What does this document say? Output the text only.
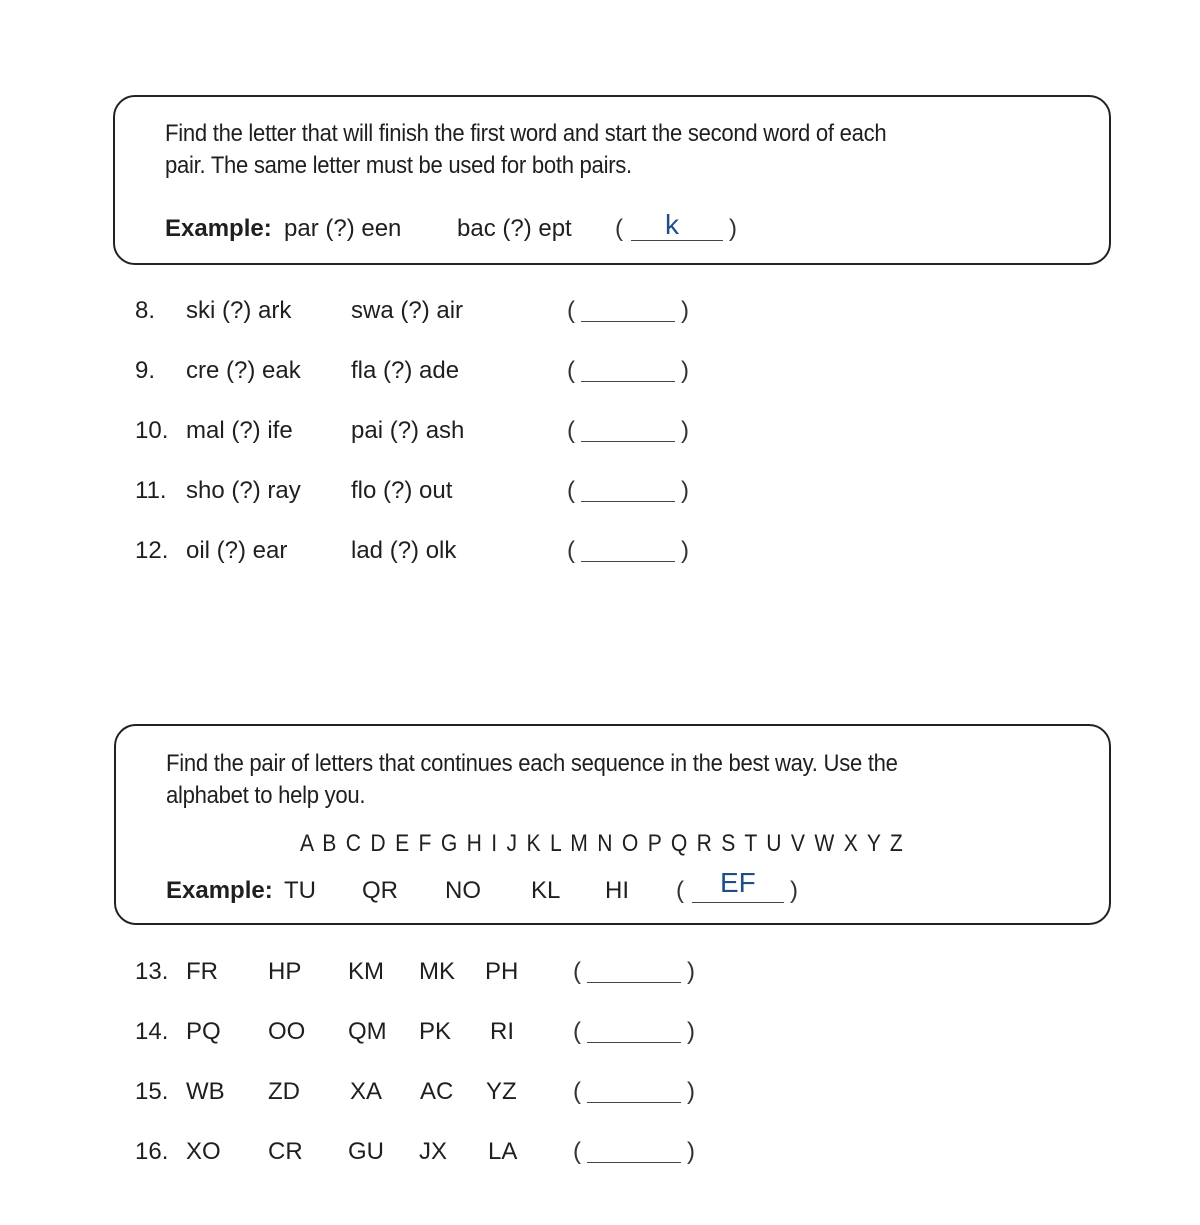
Find the letter that will finish the first word and start the second word of each
pair. The same letter must be used for both pairs.
Example: par (?) een bac (?) ept ( k )
8. ski (?) ark swa (?) air	(	)
9. cre (?) eak fla (?) ade	(	)
10. mal (?) ife pai (?) ash	(	)
11. sho (?) ray flo (?) out	(	)
12. oil (?) ear	lad (?) olk	(	)
Find the pair of letters that continues each sequence in the best way. Use the
alphabet to help you.
A B C D E F G H I J K L M N O P Q R S T U V W X Y Z
Example: TU QR NO KL HI ( EF )
13. FR HP KM MK PH (	)
14. PQ OO QM PK RI (	)
15. WB ZD XA AC YZ (	)
16. XO CR GU JX LA (	)
